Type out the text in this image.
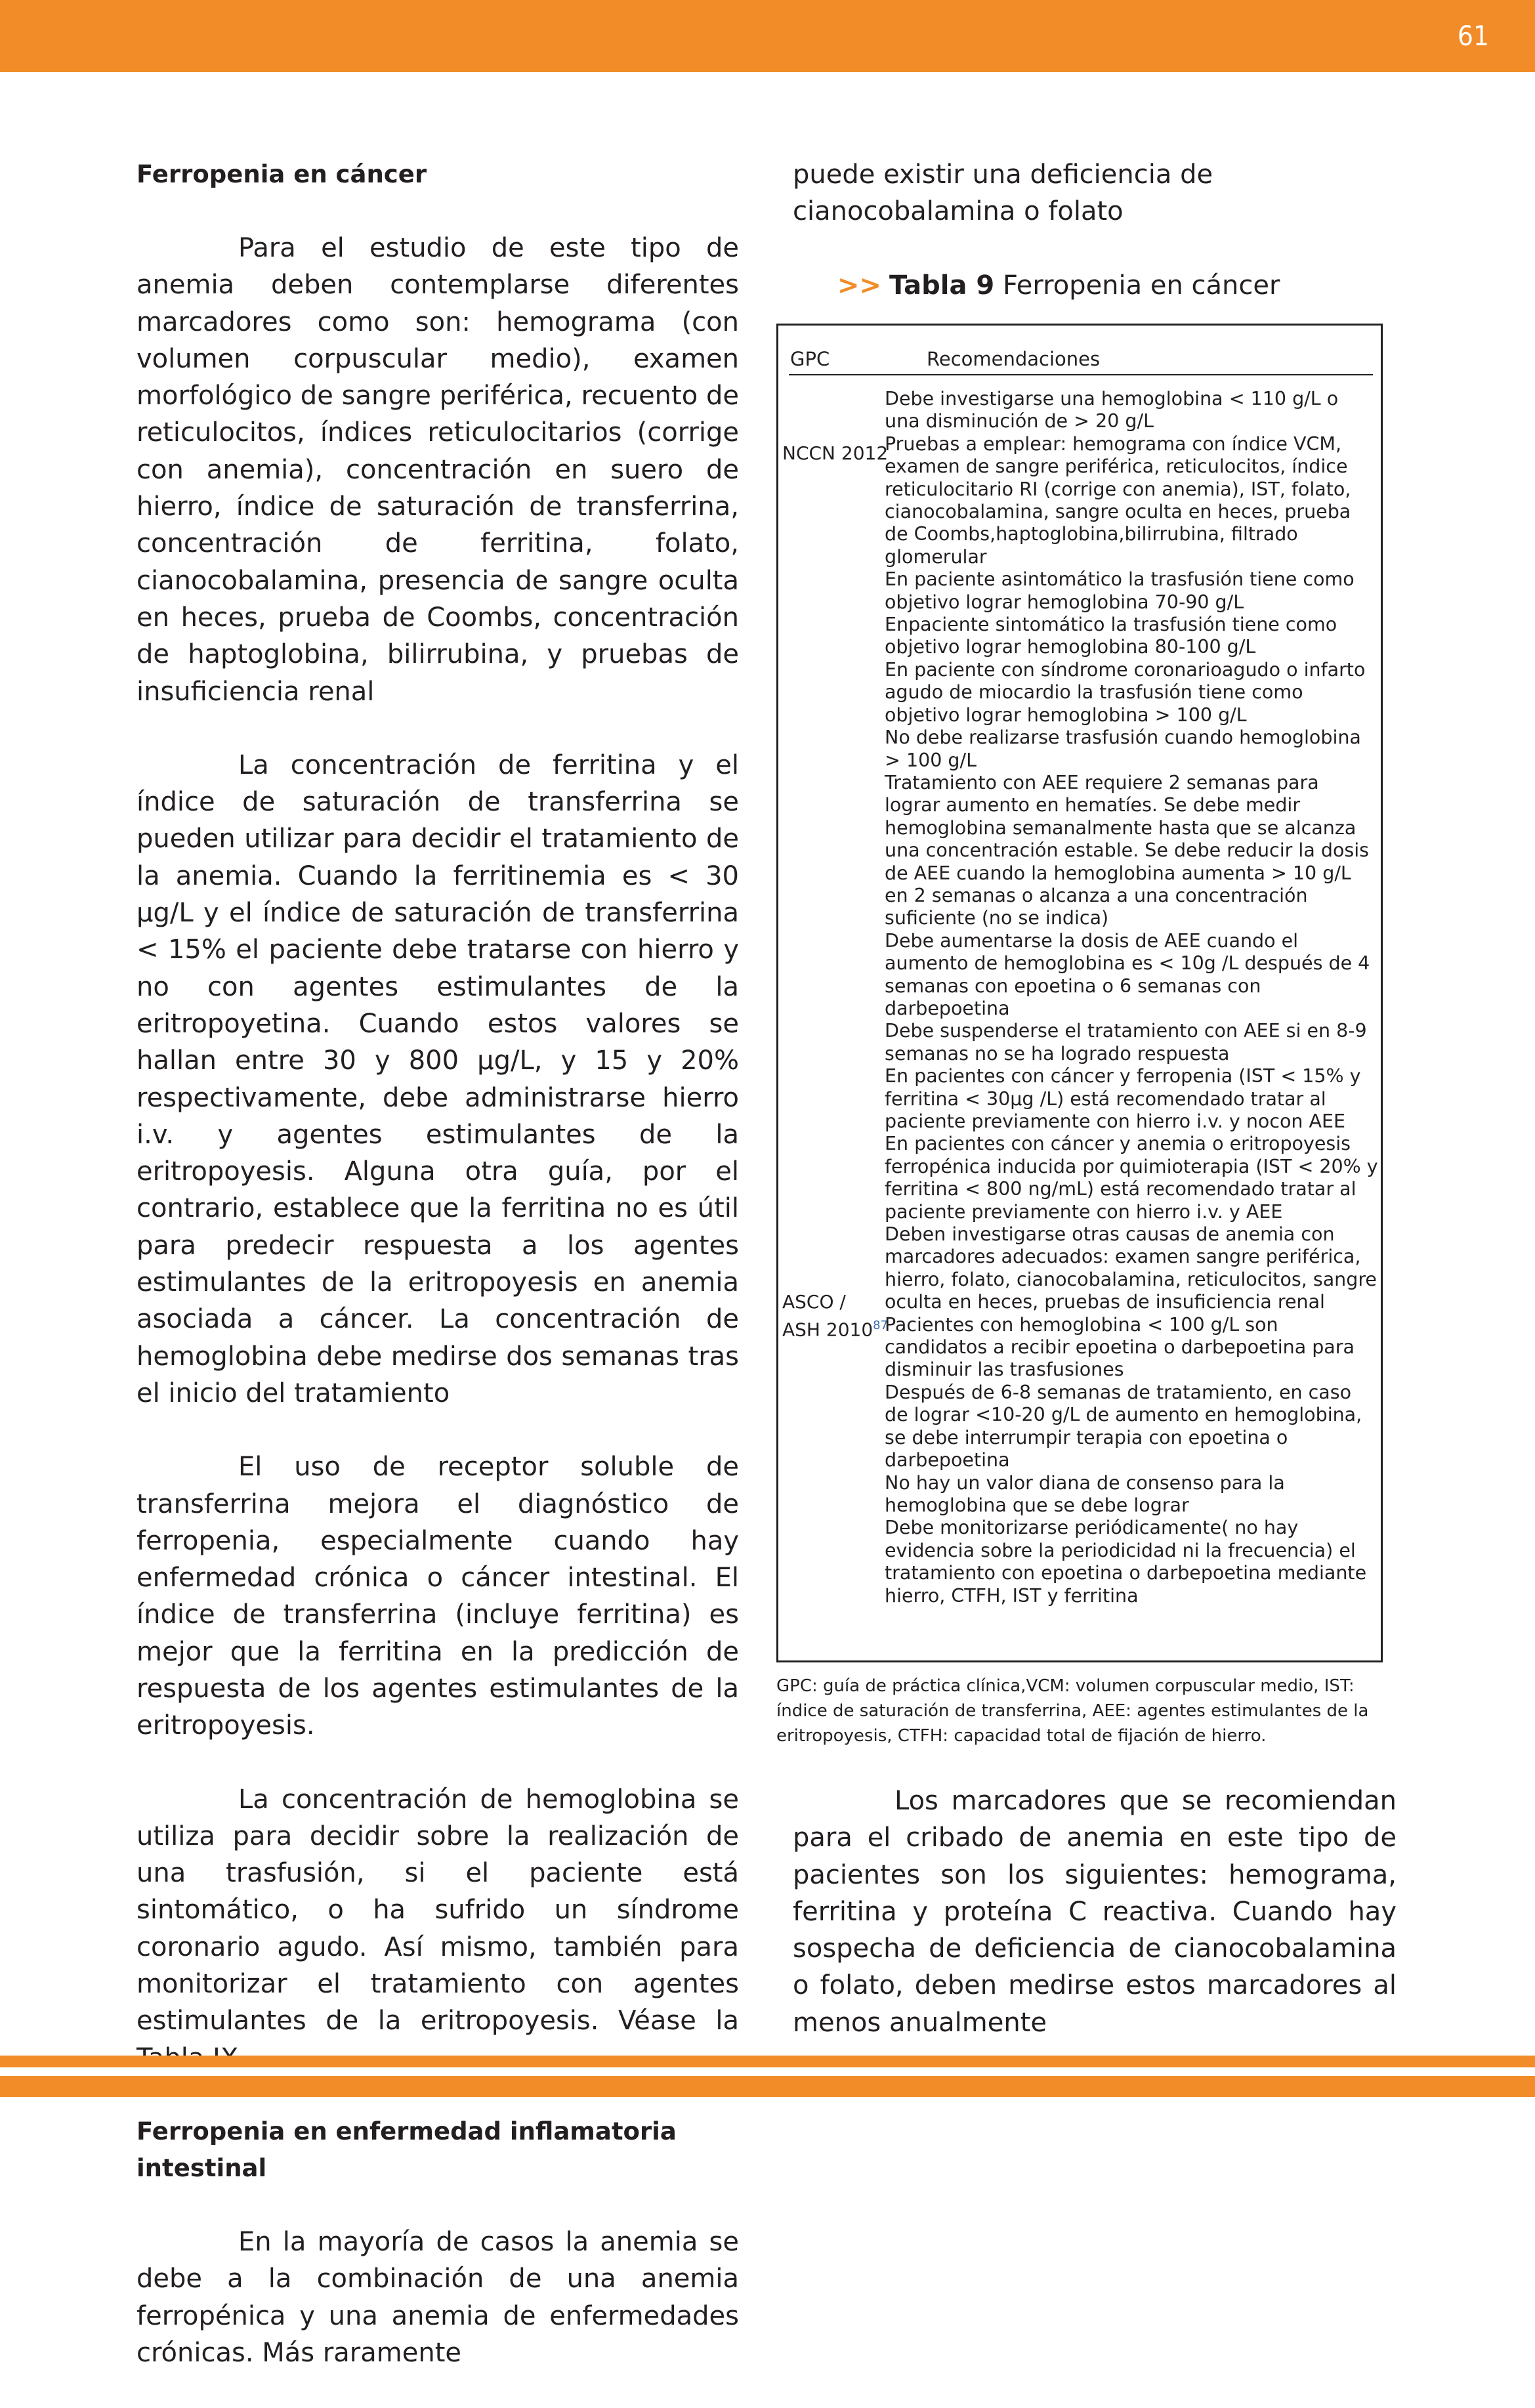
61
Ferropenia en cáncer

Para el estudio de este tipo de anemia deben contemplarse diferentes marcadores como son: hemograma (con volumen corpuscular medio), examen morfológico de sangre periférica, recuento de reticulocitos, índices reticulocitarios (corrige con anemia), concentración en suero de hierro, índice de saturación de transferrina, concentración de ferritina, folato, cianocobalamina, presencia de sangre oculta en heces, prueba de Coombs, concentración de haptoglobina, bilirrubina, y pruebas de insuficiencia renal

La concentración de ferritina y el índice de saturación de transferrina se pueden utilizar para decidir el tratamiento de la anemia. Cuando la ferritinemia es < 30 µg/L y el índice de saturación de transferrina < 15% el paciente debe tratarse con hierro y no con agentes estimulantes de la eritropoyetina. Cuando estos valores se hallan entre 30 y 800 µg/L, y 15 y 20% respectivamente, debe administrarse hierro i.v. y agentes estimulantes de la eritropoyesis. Alguna otra guía, por el contrario, establece que la ferritina no es útil para predecir respuesta a los agentes estimulantes de la eritropoyesis en anemia asociada a cáncer. La concentración de hemoglobina debe medirse dos semanas tras el inicio del tratamiento

El uso de receptor soluble de transferrina mejora el diagnóstico de ferropenia, especialmente cuando hay enfermedad crónica o cáncer intestinal. El índice de transferrina (incluye ferritina) es mejor que la ferritina en la predicción de respuesta de los agentes estimulantes de la eritropoyesis.

La concentración de hemoglobina se utiliza para decidir sobre la realización de una trasfusión, si el paciente está sintomático, o ha sufrido un síndrome coronario agudo. Así mismo, también para monitorizar el tratamiento con agentes estimulantes de la eritropoyesis. Véase la

Ferropenia en enfermedad inflamatoria intestinal

En la mayoría de casos la anemia se debe a la combinación de una anemia ferropénica y una anemia de enfermedades crónicas. Más raramente

puede existir una deficiencia de cianocobalamina o folato

>> Tabla 9 Ferropenia en cáncer
GPC	Recomendaciones
NCCN 2012
ASCO /
ASH 2010$^{87}$

Debe investigarse una hemoglobina < 110 g/L o una disminución de > 20 g/L

Pruebas a emplear: hemograma con índice VCM, examen de sangre periférica, reticulocitos, índice reticulocitario RI (corrige con anemia), IST, folato, cianocobalamina, sangre oculta en heces, prueba de Coombs,haptoglobina,bilirrubina, filtrado glomerular

En paciente asintomático la trasfusión tiene como objetivo lograr hemoglobina 70-90 g/L

Enpaciente sintomático la trasfusión tiene como objetivo lograr hemoglobina 80-100 g/L

En paciente con síndrome coronarioagudo o infarto agudo de miocardio la trasfusión tiene como objetivo lograr hemoglobina > 100 g/L

No debe realizarse trasfusión cuando hemoglobina > 100 g/L

Tratamiento con AEE requiere 2 semanas para lograr aumento en hematíes. Se debe medir hemoglobina semanalmente hasta que se alcanza una concentración estable. Se debe reducir la dosis de AEE cuando la hemoglobina aumenta > 10 g/L en 2 semanas o alcanza a una concentración suficiente (no se indica)

Debe aumentarse la dosis de AEE cuando el aumento de hemoglobina es < 10g /L después de 4 semanas con epoetina o 6 semanas con darbepoetina

Debe suspenderse el tratamiento con AEE si en 8-9 semanas no se ha logrado respuesta

En pacientes con cáncer y ferropenia (IST < 15% y ferritina < 30µg /L) está recomendado tratar al paciente previamente con hierro i.v. y nocon AEE

En pacientes con cáncer y anemia o eritropoyesis ferropénica inducida por quimioterapia (IST < 20% y ferritina < 800 ng/mL) está recomendado tratar al paciente previamente con hierro i.v. y AEE

Deben investigarse otras causas de anemia con marcadores adecuados: examen sangre periférica, hierro, folato, cianocobalamina, reticulocitos, sangre oculta en heces, pruebas de insuficiencia renal

Pacientes con hemoglobina < 100 g/L son candidatos a recibir epoetina o darbepoetina para disminuir las trasfusiones

Después de 6-8 semanas de tratamiento, en caso de lograr <10-20 g/L de aumento en hemoglobina, se debe interrumpir terapia con epoetina o darbepoetina

No hay un valor diana de consenso para la hemoglobina que se debe lograr

Debe monitorizarse periódicamente( no hay evidencia sobre la periodicidad ni la frecuencia) el tratamiento con epoetina o darbepoetina mediante hierro, CTFH, IST y ferritina

GPC: guía de práctica clínica,VCM: volumen corpuscular medio, IST: índice de saturación de transferrina, AEE: agentes estimulantes de la eritropoyesis, CTFH: capacidad total de fijación de hierro.

Los marcadores que se recomiendan para el cribado de anemia en este tipo de pacientes son los siguientes: hemograma, ferritina y proteína C reactiva. Cuando hay sospecha de deficiencia de cianocobalamina o folato, deben medirse estos marcadores al menos anualmente
